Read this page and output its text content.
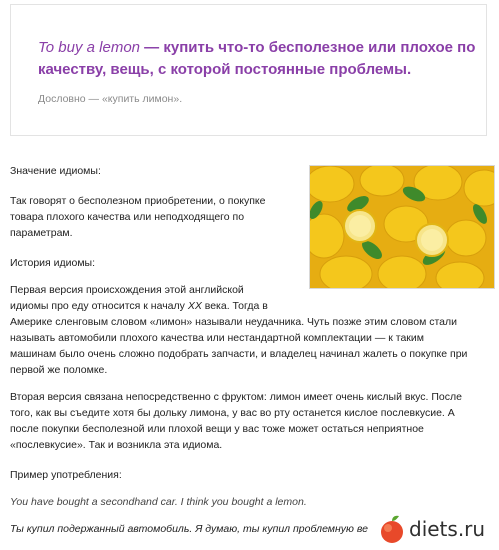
To buy a lemon — купить что-то бесполезное или плохое по качеству, вещь, с которой постоянные проблемы.
Дословно — «купить лимон».
Значение идиомы:
Так говорят о бесполезном приобретении, о покупке
товара плохого качества или неподходящего по
параметрам.
История идиомы:
Первая версия происхождения этой английской
идиомы про еду относится к началу XX века. Тогда в
Америке сленговым словом «лимон» называли неудачника. Чуть позже этим словом стали
называть автомобили плохого качества или нестандартной комплектации — к таким
машинам было очень сложно подобрать запчасти, и владелец начинал жалеть о покупке при
первой же поломке.
Вторая версия связана непосредственно с фруктом: лимон имеет очень кислый вкус. После
того, как вы съедите хотя бы дольку лимона, у вас во рту останется кислое послевкусие. А
после покупки бесполезной или плохой вещи у вас тоже может остаться неприятное
«послевкусие». Так и возникла эта идиома.
Пример употребления:
You have bought a secondhand car. I think you bought a lemon.
Ты купил подержанный автомобиль. Я думаю, ты купил проблемную ве diets.ru
